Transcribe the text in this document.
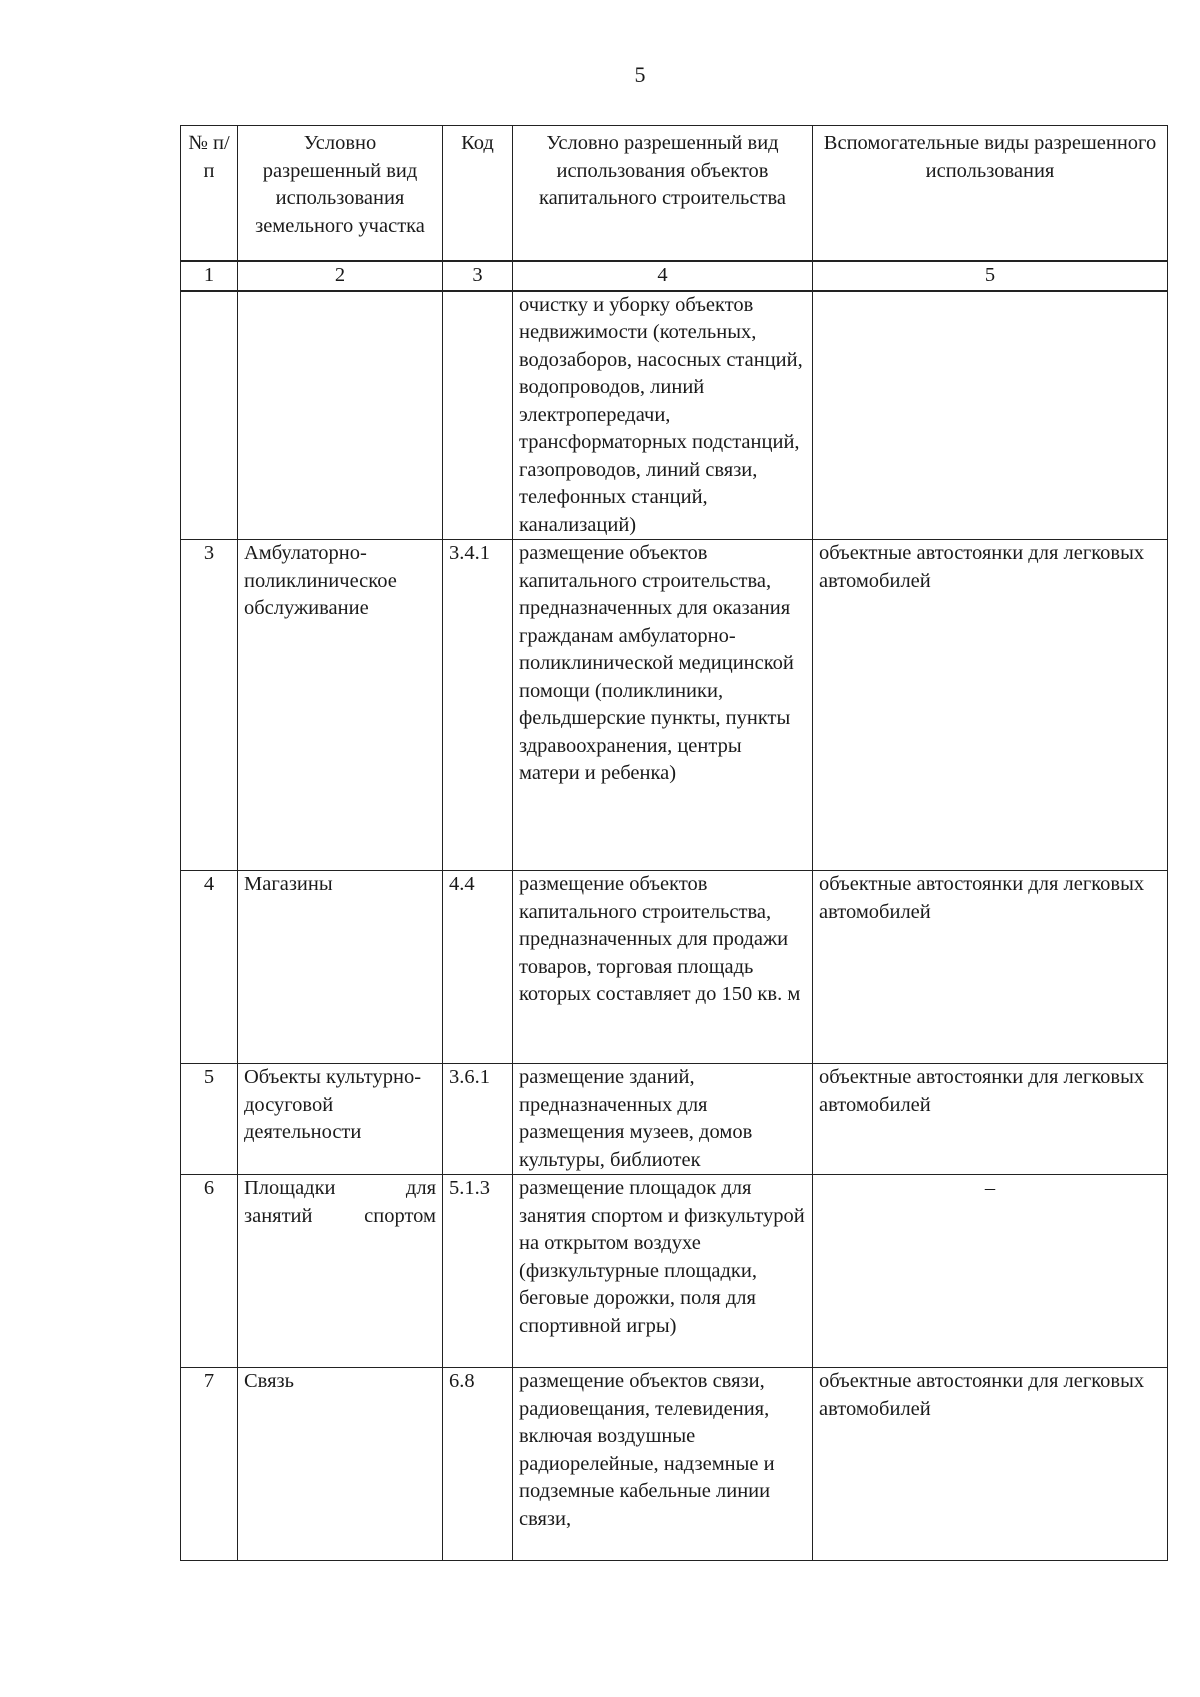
5
№ п/п	Условно разрешенный вид использования земельного участка	Код	Условно разрешенный вид использования объектов капитального строительства	Вспомогательные виды разрешенного использования
1	2	3	4	5
			очистку и уборку объектов недвижимости (котельных, водозаборов, насосных станций, водопроводов, линий электропередачи, трансформаторных подстанций, газопроводов, линий связи, телефонных станций, канализаций)	
3	Амбулаторно-поликлиническое обслуживание	3.4.1	размещение объектов капитального строительства, предназначенных для оказания гражданам амбулаторно-поликлинической медицинской помощи (поликлиники, фельдшерские пункты, пункты здравоохранения, центры матери и ребенка)	объектные автостоянки для легковых автомобилей
4	Магазины	4.4	размещение объектов капитального строительства, предназначенных для продажи товаров, торговая площадь которых составляет до 150 кв. м	объектные автостоянки для легковых автомобилей
5	Объекты культурно-досуговой деятельности	3.6.1	размещение зданий, предназначенных для размещения музеев, домов культуры, библиотек	объектные автостоянки для легковых автомобилей
6	Площадки для занятий спортом	5.1.3	размещение площадок для занятия спортом и физкультурой на открытом воздухе (физкультурные площадки, беговые дорожки, поля для спортивной игры)	–

7	Связь	6.8	размещение объектов связи, радиовещания, телевидения, включая воздушные радиорелейные, надземные и подземные кабельные линии связи,	объектные автостоянки для легковых автомобилей
